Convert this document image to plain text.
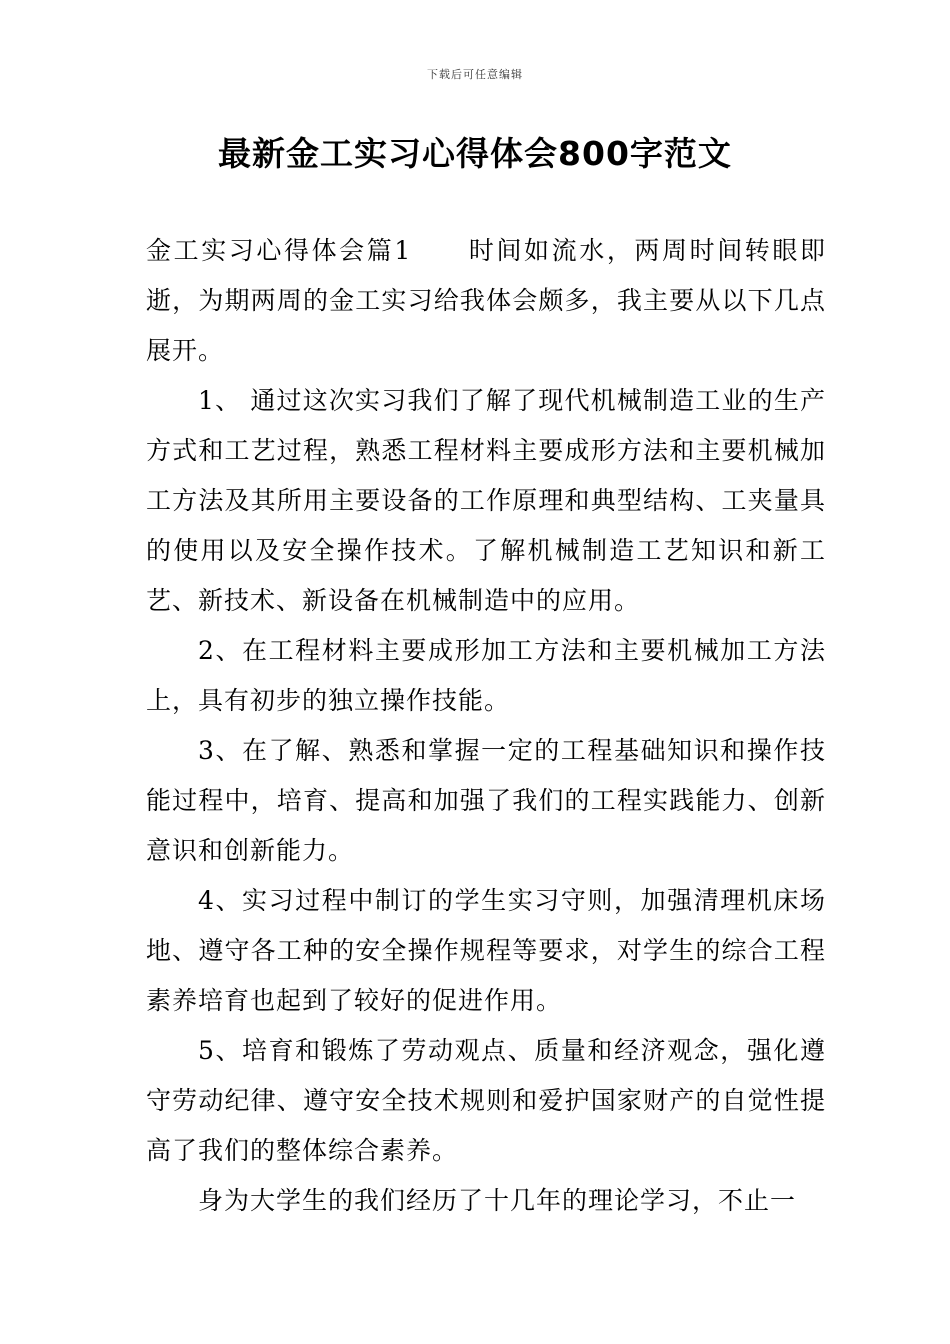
下载后可任意编辑
最新金工实习心得体会800字范文

金工实习心得体会篇1 时间如流水，两周时间转眼即逝，为期两周的金工实习给我体会颇多，我主要从以下几点展开。

1、 通过这次实习我们了解了现代机械制造工业的生产方式和工艺过程，熟悉工程材料主要成形方法和主要机械加工方法及其所用主要设备的工作原理和典型结构、工夹量具的使用以及安全操作技术。了解机械制造工艺知识和新工艺、新技术、新设备在机械制造中的应用。

2、在工程材料主要成形加工方法和主要机械加工方法上，具有初步的独立操作技能。

3、在了解、熟悉和掌握一定的工程基础知识和操作技能过程中，培育、提高和加强了我们的工程实践能力、创新意识和创新能力。

4、实习过程中制订的学生实习守则，加强清理机床场地、遵守各工种的安全操作规程等要求，对学生的综合工程素养培育也起到了较好的促进作用。

5、培育和锻炼了劳动观点、质量和经济观念，强化遵守劳动纪律、遵守安全技术规则和爱护国家财产的自觉性提高了我们的整体综合素养。

身为大学生的我们经历了十几年的理论学习，不止一
